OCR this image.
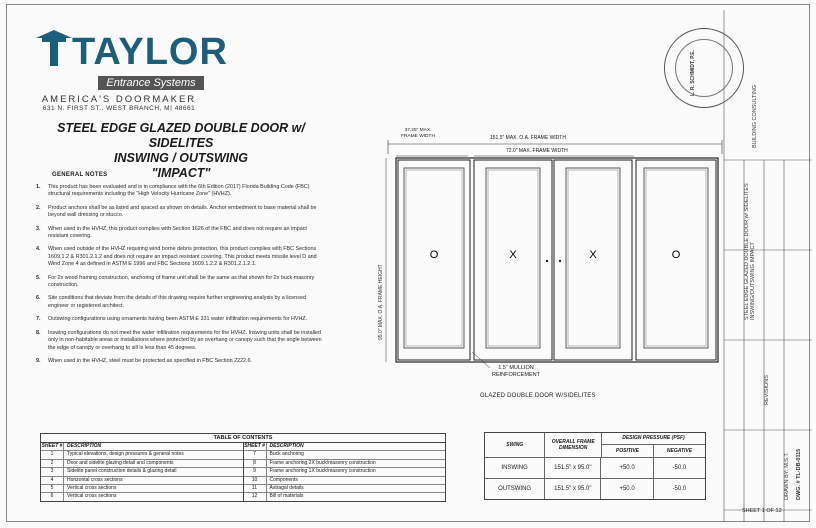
TAYLOR
Entrance Systems
AMERICA'S DOORMAKER
631 N. FIRST ST., WEST BRANCH, MI 48661
STEEL EDGE GLAZED DOUBLE DOOR w/ SIDELITES
INSWING / OUTSWING
"IMPACT"
GENERAL NOTES
1.	This product has been evaluated and is in compliance with the 6th Edition (2017) Florida Building Code (FBC) structural requirements including the "High Velocity Hurricane Zone" (HVHZ).
2.	Product anchors shall be as listed and spaced as shown on details. Anchor embedment to base material shall be beyond wall dressing or stucco.
3.	When used in the HVHZ, this product complies with Section 1626 of the FBC and does not require an impact resistant covering.
4.	When used outside of the HVHZ requiring wind borne debris protection, this product complies with FBC Sections 1609.1.2 & R301.2.1.2 and does not require an impact resistant covering. This product meets missile level D and Wind Zone 4 as defined in ASTM E 1996 and FBC Sections 1609.1.2.2 & R301.2.1.2.1.
5.	For 2x wood framing construction, anchoring of frame unit shall be the same as that shown for 2x buck masonry construction.
6.	Site conditions that deviate from the details of this drawing require further engineering analysis by a licensed engineer or registered architect.
7.	Outswing configurations using ornaments having been ASTM E 331 water infiltration requirements for HVHZ.
8.	Inswing configurations do not meet the water infiltration requirements for the HVHZ. Inswing units shall be installed only in non-habitable areas or installations where protected by an overhang or canopy such that the angle between the edge of canopy or overhang to sill is less than 45 degrees.
9.	When used in the HVHZ, steel must be protected as specified in FBC Section 2222.6.
O	X	X	O
151.5" MAX. O.A. FRAME WIDTH
72.0" MAX. FRAME WIDTH
37.25" MAX. FRAME WIDTH
95.0" MAX. O.A. FRAME HEIGHT
1.5" MULLION REINFORCEMENT
GLAZED DOUBLE DOOR W/SIDELITES
TABLE OF CONTENTS
SHEET # DESCRIPTION
1	Typical elevations, design pressures & general notes
2	Door and sidelite glazing detail and components
3	Sidelite panel construction details & glazing detail
4	Horizontal cross sections
5	Vertical cross sections
6	Vertical cross sections
SHEET # DESCRIPTION
7	Buck anchoring
8	Frame anchoring 2X buck/masonry construction
9	Frame anchoring 1X buck/masonry construction
10	Components
11	Astragal details
12	Bill of materials
SWING	OVERALL FRAME DIMENSION
DESIGN PRESSURE (PSF)
POSITIVE	NEGATIVE
INSWING	151.5" x 95.0"	+50.0	-50.0
OUTSWING	151.5" x 95.0"	+50.0	-50.0
L. R. SCHMIDT, P.E.
BUILDING CONSULTING
STEEL EDGE GLAZED DOUBLE DOOR w/ SIDELITES INSWING/OUTSWING IMPACT
REVISIONS
DRAWN BY: M.S.T. DWG. # TL-DB-0115
SHEET 1 OF 12
